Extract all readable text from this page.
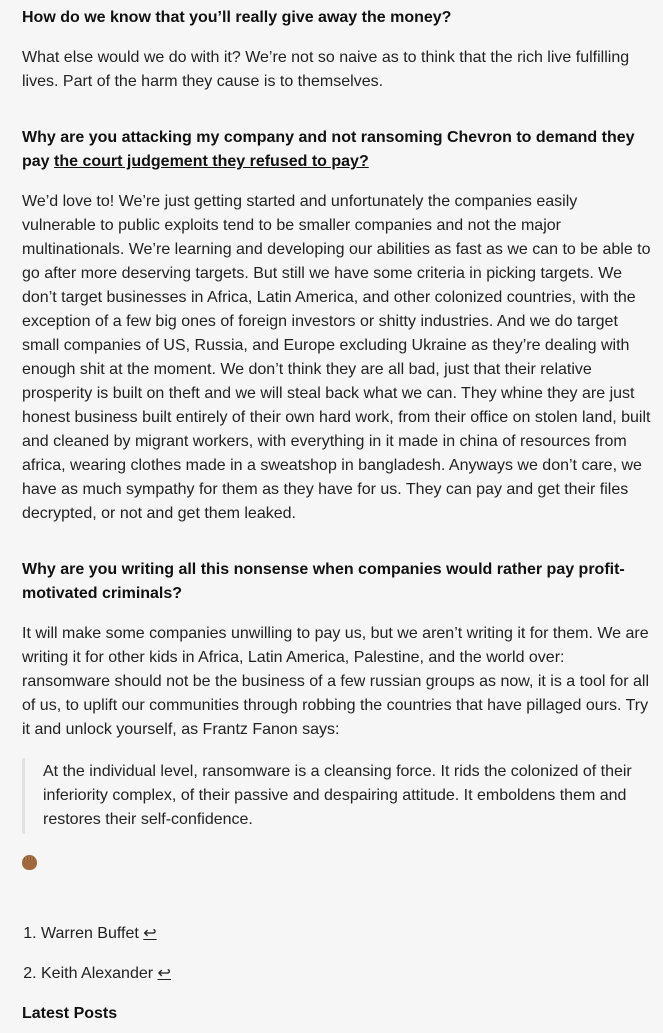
How do we know that you’ll really give away the money?

What else would we do with it? We’re not so naive as to think that the rich live fulfilling lives. Part of the harm they cause is to themselves.

Why are you attacking my company and not ransoming Chevron to demand they pay the court judgement they refused to pay?

We’d love to! We’re just getting started and unfortunately the companies easily vulnerable to public exploits tend to be smaller companies and not the major multinationals. We’re learning and developing our abilities as fast as we can to be able to go after more deserving targets. But still we have some criteria in picking targets. We don’t target businesses in Africa, Latin America, and other colonized countries, with the exception of a few big ones of foreign investors or shitty industries. And we do target small companies of US, Russia, and Europe excluding Ukraine as they’re dealing with enough shit at the moment. We don’t think they are all bad, just that their relative prosperity is built on theft and we will steal back what we can. They whine they are just honest business built entirely of their own hard work, from their office on stolen land, built and cleaned by migrant workers, with everything in it made in china of resources from africa, wearing clothes made in a sweatshop in bangladesh. Anyways we don’t care, we have as much sympathy for them as they have for us. They can pay and get their files decrypted, or not and get them leaked.

Why are you writing all this nonsense when companies would rather pay profit-motivated criminals?

It will make some companies unwilling to pay us, but we aren’t writing it for them. We are writing it for other kids in Africa, Latin America, Palestine, and the world over: ransomware should not be the business of a few russian groups as now, it is a tool for all of us, to uplift our communities through robbing the countries that have pillaged ours. Try it and unlock yourself, as Frantz Fanon says:

At the individual level, ransomware is a cleansing force. It rids the colonized of their inferiority complex, of their passive and despairing attitude. It emboldens them and restores their self-confidence.

1. Warren Buffet ↩
2. Keith Alexander ↩
Latest Posts
